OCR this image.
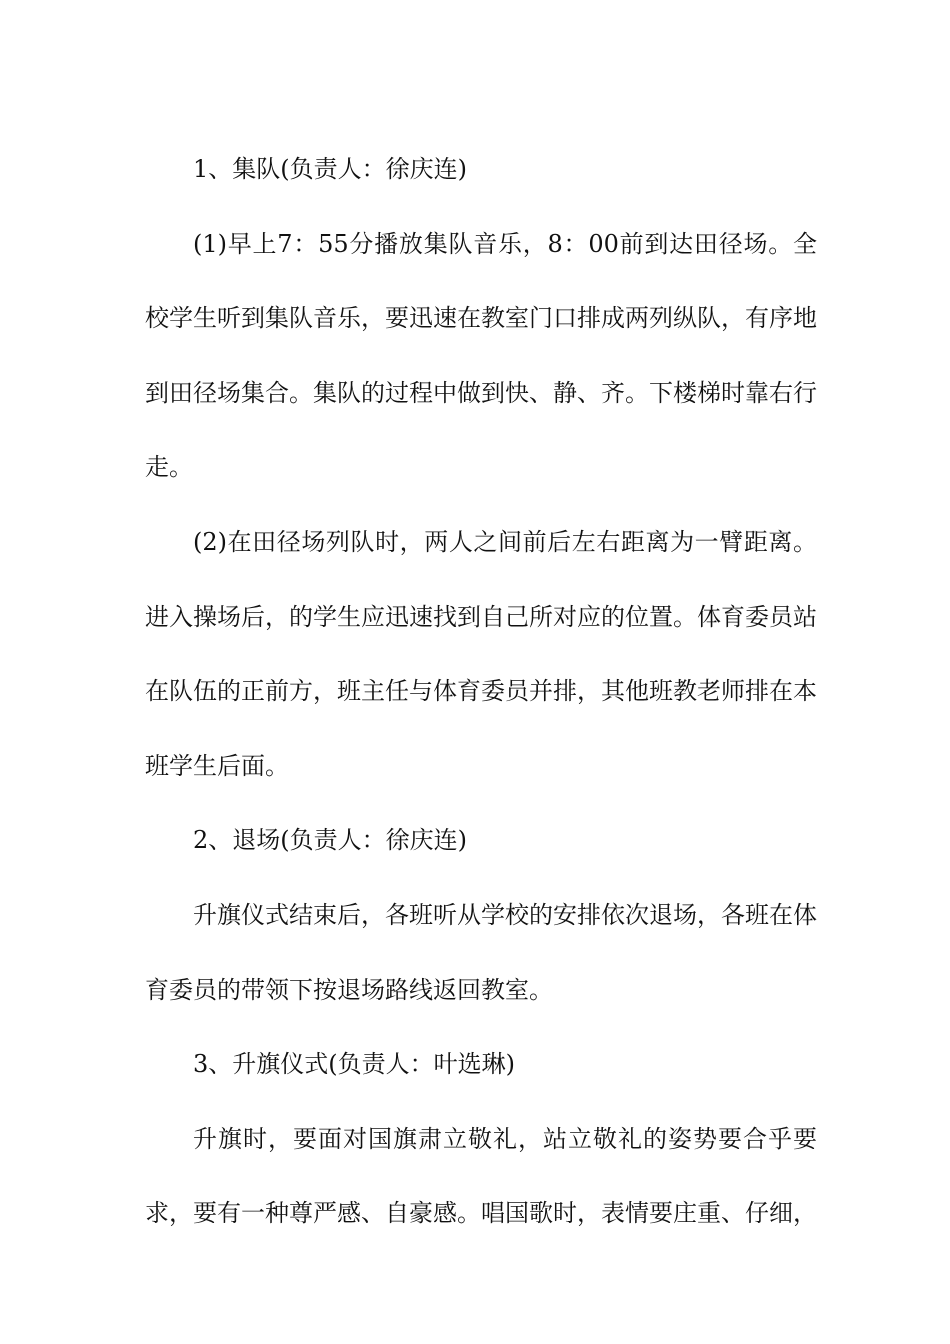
1、集队(负责人：徐庆连)

(1)早上7：55分播放集队音乐，8：00前到达田径场。全校学生听到集队音乐，要迅速在教室门口排成两列纵队，有序地到田径场集合。集队的过程中做到快、静、齐。下楼梯时靠右行走。

(2)在田径场列队时，两人之间前后左右距离为一臂距离。进入操场后，的学生应迅速找到自己所对应的位置。体育委员站在队伍的正前方，班主任与体育委员并排，其他班教老师排在本班学生后面。

2、退场(负责人：徐庆连)

升旗仪式结束后，各班听从学校的安排依次退场，各班在体育委员的带领下按退场路线返回教室。

3、升旗仪式(负责人：叶选琳)

升旗时，要面对国旗肃立敬礼，站立敬礼的姿势要合乎要求，要有一种尊严感、自豪感。唱国歌时，表情要庄重、仔细，
